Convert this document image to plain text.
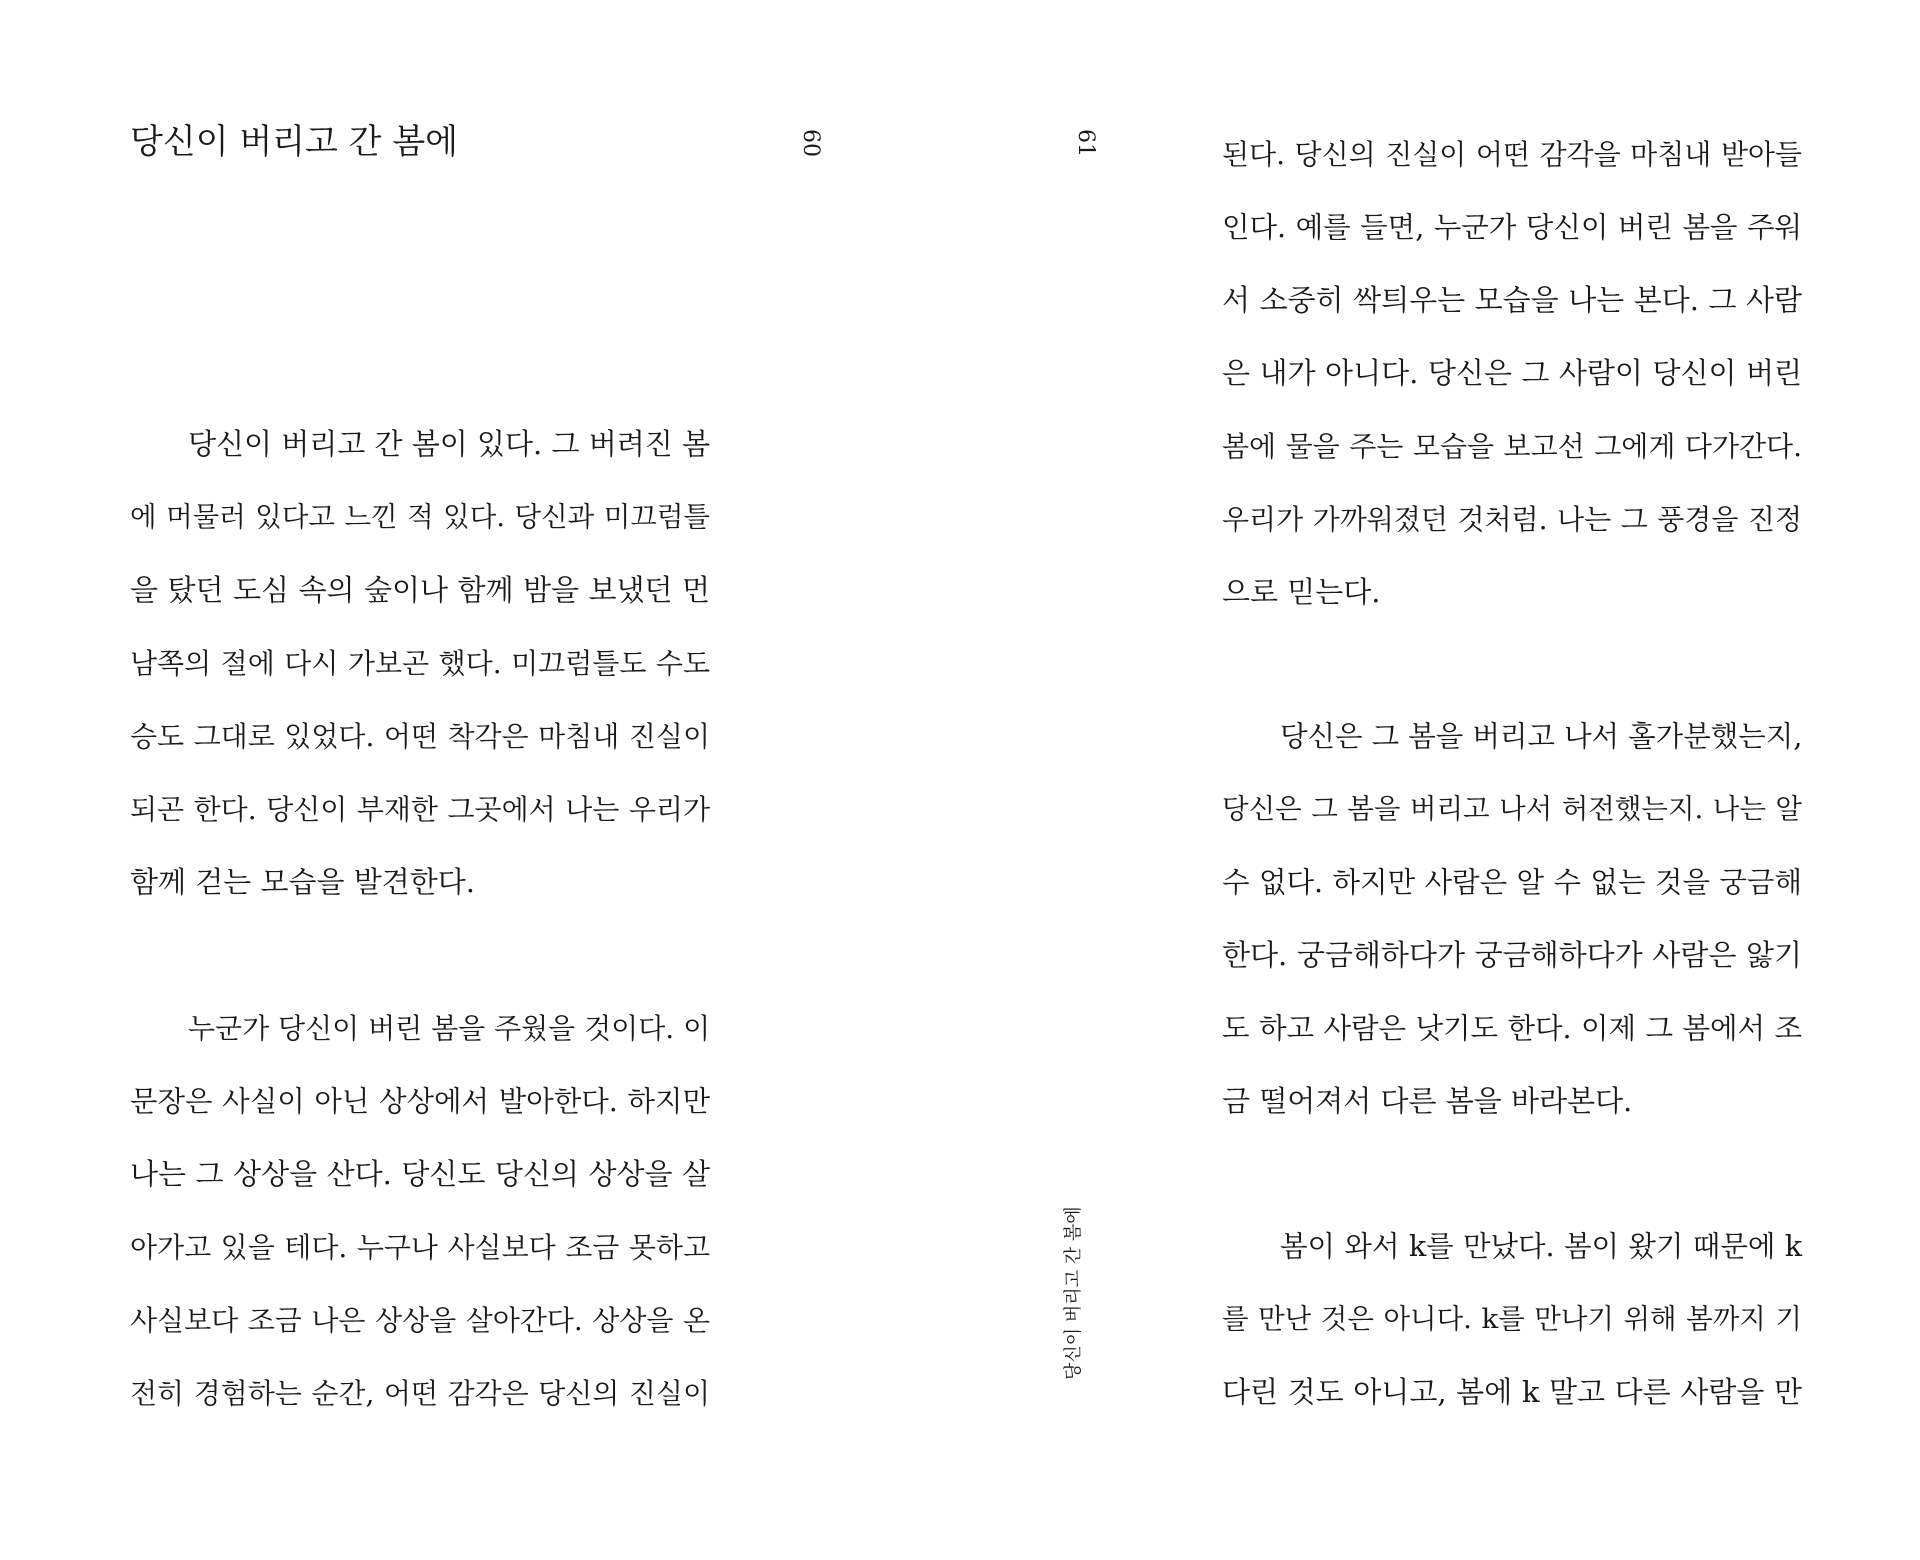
당신이 버리고 간 봄에	60
당신이 버리고 간 봄이 있다. 그 버려진 봄
에 머물러 있다고 느낀 적 있다. 당신과 미끄럼틀
을 탔던 도심 속의 숲이나 함께 밤을 보냈던 먼
남쪽의 절에 다시 가보곤 했다. 미끄럼틀도 수도
승도 그대로 있었다. 어떤 착각은 마침내 진실이
되곤 한다. 당신이 부재한 그곳에서 나는 우리가
함께 걷는 모습을 발견한다.
누군가 당신이 버린 봄을 주웠을 것이다. 이
문장은 사실이 아닌 상상에서 발아한다. 하지만
나는 그 상상을 산다. 당신도 당신의 상상을 살
아가고 있을 테다. 누구나 사실보다 조금 못하고
사실보다 조금 나은 상상을 살아간다. 상상을 온
전히 경험하는 순간, 어떤 감각은 당신의 진실이
61
당신이 버리고 간 봄에
된다. 당신의 진실이 어떤 감각을 마침내 받아들
인다. 예를 들면, 누군가 당신이 버린 봄을 주워
서 소중히 싹틔우는 모습을 나는 본다. 그 사람
은 내가 아니다. 당신은 그 사람이 당신이 버린
봄에 물을 주는 모습을 보고선 그에게 다가간다.
우리가 가까워졌던 것처럼. 나는 그 풍경을 진정
으로 믿는다.
당신은 그 봄을 버리고 나서 홀가분했는지,
당신은 그 봄을 버리고 나서 허전했는지. 나는 알
수 없다. 하지만 사람은 알 수 없는 것을 궁금해
한다. 궁금해하다가 궁금해하다가 사람은 앓기
도 하고 사람은 낫기도 한다. 이제 그 봄에서 조
금 떨어져서 다른 봄을 바라본다.
봄이 와서 k를 만났다. 봄이 왔기 때문에 k
를 만난 것은 아니다. k를 만나기 위해 봄까지 기
다린 것도 아니고, 봄에 k 말고 다른 사람을 만
